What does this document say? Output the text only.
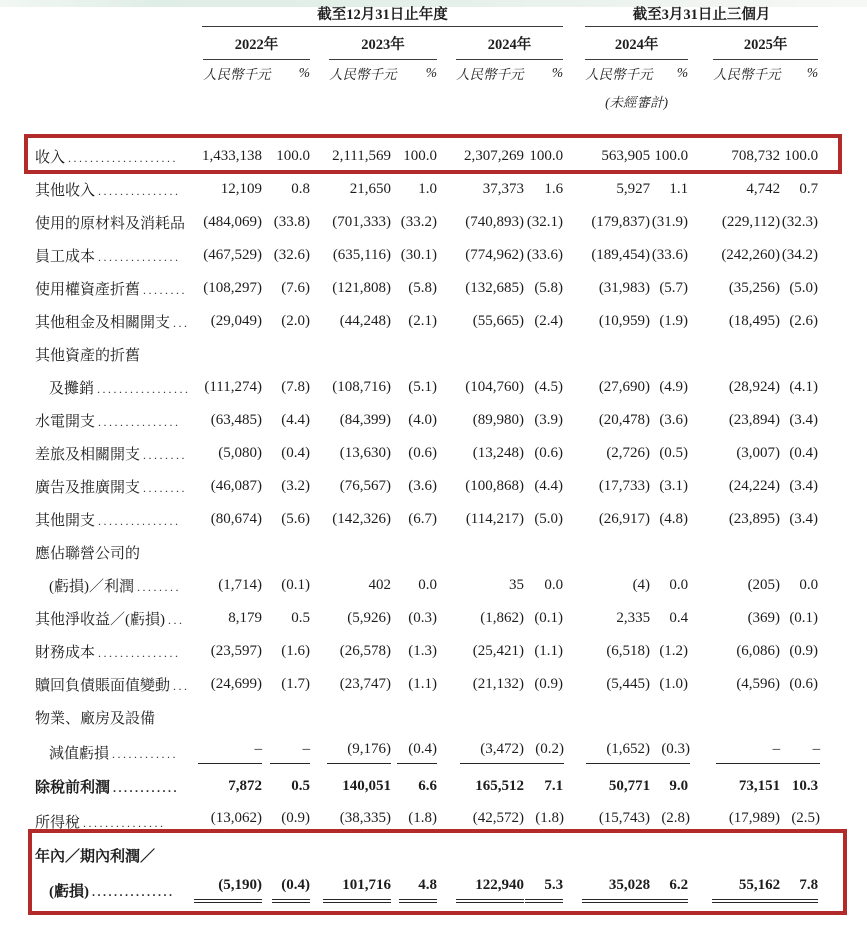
	截至12月31日止年度						截至3月31日止三個月			

2022年		2023年		2024年		2024年		2025年	

	人民幣千元 %		人民幣千元 %		人民幣千元 %		人民幣千元 %		人民幣千元 %	

							(未經審計)			

收入 ....................	1,433,138	100.0	2,111,569	100.0	2,307,269	100.0	563,905	100.0	708,732	100.0
其他收入 ...............	12,109	0.8	21,650	1.0	37,373	1.6	5,927	1.1	4,742	0.7
使用的原材料及消耗品	(484,069)	(33.8)	(701,333)	(33.2)	(740,893)	(32.1)	(179,837)	(31.9)	(229,112)	(32.3)
員工成本 ...............	(467,529)	(32.6)	(635,116)	(30.1)	(774,962)	(33.6)	(189,454)	(33.6)	(242,260)	(34.2)
使用權資產折舊 ........	(108,297)	(7.6)	(121,808)	(5.8)	(132,685)	(5.8)	(31,983)	(5.7)	(35,256)	(5.0)
其他租金及相關開支 ...	(29,049)	(2.0)	(44,248)	(2.1)	(55,665)	(2.4)	(10,959)	(1.9)	(18,495)	(2.6)
其他資產的折舊										
及攤銷 .................	(111,274)	(7.8)	(108,716)	(5.1)	(104,760)	(4.5)	(27,690)	(4.9)	(28,924)	(4.1)
水電開支 ...............	(63,485)	(4.4)	(84,399)	(4.0)	(89,980)	(3.9)	(20,478)	(3.6)	(23,894)	(3.4)
差旅及相關開支 ........	(5,080)	(0.4)	(13,630)	(0.6)	(13,248)	(0.6)	(2,726)	(0.5)	(3,007)	(0.4)
廣告及推廣開支 ........	(46,087)	(3.2)	(76,567)	(3.6)	(100,868)	(4.4)	(17,733)	(3.1)	(24,224)	(3.4)
其他開支 ...............	(80,674)	(5.6)	(142,326)	(6.7)	(114,217)	(5.0)	(26,917)	(4.8)	(23,895)	(3.4)
應佔聯營公司的										
(虧損)／利潤 ........	(1,714)	(0.1)	402	0.0	35	0.0	(4)	0.0	(205)	0.0
其他淨收益／(虧損) ...	8,179	0.5	(5,926)	(0.3)	(1,862)	(0.1)	2,335	0.4	(369)	(0.1)
財務成本 ...............	(23,597)	(1.6)	(26,578)	(1.3)	(25,421)	(1.1)	(6,518)	(1.2)	(6,086)	(0.9)
贖回負債賬面值變動 ...	(24,699)	(1.7)	(23,747)	(1.1)	(21,132)	(0.9)	(5,445)	(1.0)	(4,596)	(0.6)
物業、廠房及設備										
減值虧損 ............	–	–	(9,176)	(0.4)	(3,472)	(0.2)	(1,652)	(0.3)	–	–
除稅前利潤 ............	7,872	0.5	140,051	6.6	165,512	7.1	50,771	9.0	73,151	10.3
所得稅 ...............	(13,062)	(0.9)	(38,335)	(1.8)	(42,572)	(1.8)	(15,743)	(2.8)	(17,989)	(2.5)
年內／期內利潤／										
(虧損) ...............	(5,190)	(0.4)	101,716	4.8	122,940	5.3	35,028	6.2	55,162	7.8
